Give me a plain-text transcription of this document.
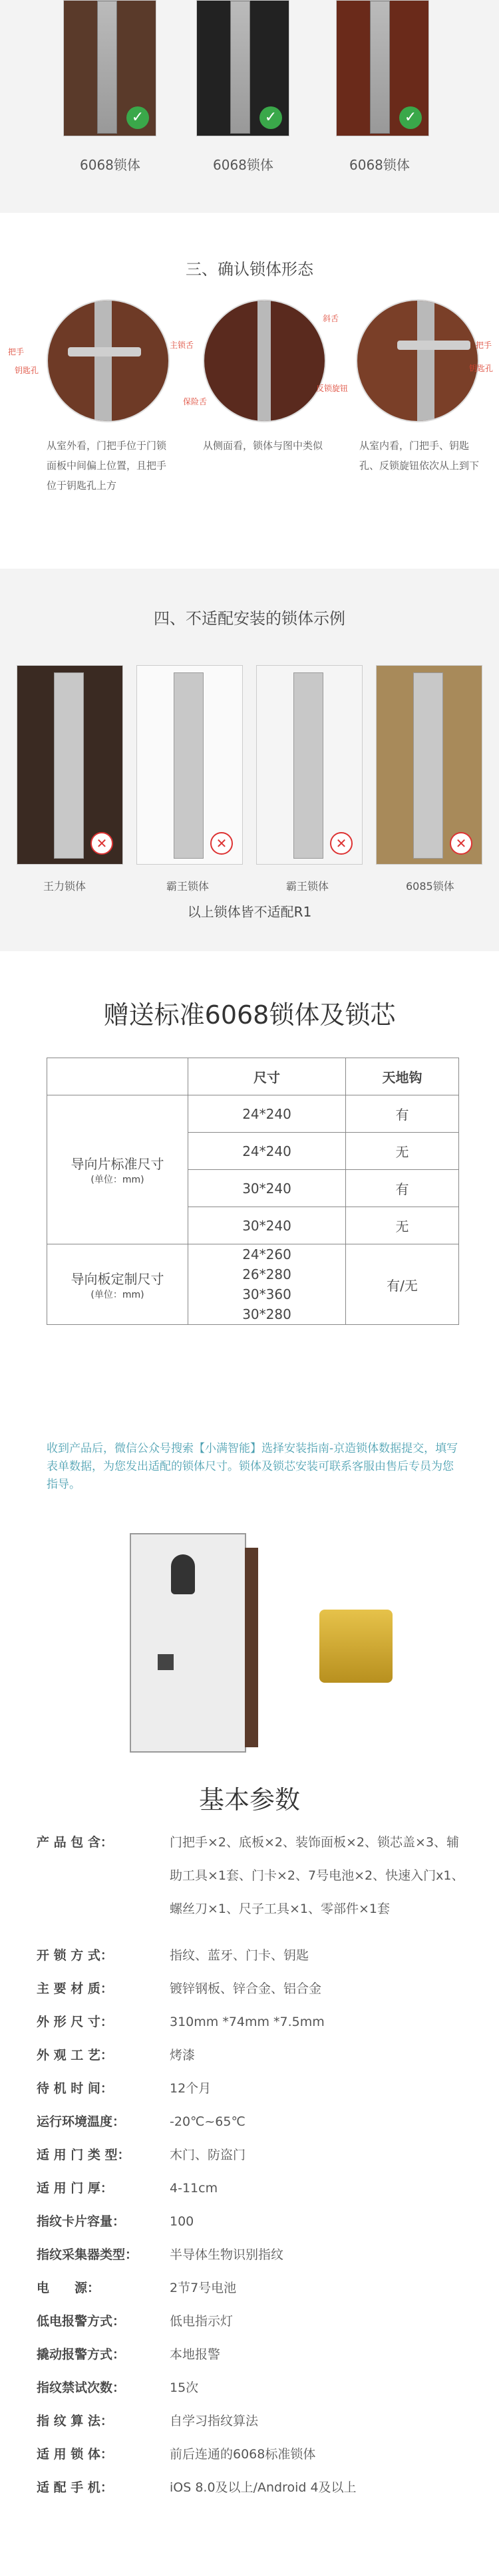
✓	✓	✓
6068锁体	6068锁体	6068锁体
三、确认锁体形态
把手
钥匙孔
主锁舌
斜舌
保险舌
反锁旋钮
把手
钥匙孔
从室外看，门把手位于门锁面板中间偏上位置，且把手位于钥匙孔上方
从侧面看，锁体与图中类似	从室内看，门把手、钥匙孔、反锁旋钮依次从上到下
四、不适配安装的锁体示例
✕	✕	✕	✕
王力锁体	霸王锁体	霸王锁体	6085锁体
以上锁体皆不适配R1
赠送标准6068锁体及锁芯
	尺寸	天地钩

导向片标准尺寸
(单位：mm)	24*240	有
	24*240	无
	30*240	有
	30*240	无

导向板定制尺寸
(单位：mm)	24*260 26*280 30*360 30*280	有/无
收到产品后，微信公众号搜索【小满智能】选择安装指南-京造锁体数据提交，填写表单数据，为您发出适配的锁体尺寸。锁体及锁芯安装可联系客服由售后专员为您指导。
基本参数
产 品 包 含：	门把手×2、底板×2、装饰面板×2、锁芯盖×3、辅助工具×1套、门卡×2、7号电池×2、快速入门x1、螺丝刀×1、尺子工具×1、零部件×1套
开 锁 方 式：	指纹、蓝牙、门卡、钥匙
主 要 材 质：	镀锌钢板、锌合金、铝合金
外 形 尺 寸：	310mm *74mm *7.5mm
外 观 工 艺：	烤漆
待 机 时 间：	12个月
运行环境温度：	-20℃~65℃
适 用 门 类 型：	木门、防盗门
适 用 门 厚：	4-11cm
指纹卡片容量：	100
指纹采集器类型：	半导体生物识别指纹
电　　源：	2节7号电池
低电报警方式：	低电指示灯
撬动报警方式：	本地报警
指纹禁试次数：	15次
指 纹 算 法：	自学习指纹算法
适 用 锁 体：	前后连通的6068标准锁体
适 配 手 机：	iOS 8.0及以上/Android 4及以上
